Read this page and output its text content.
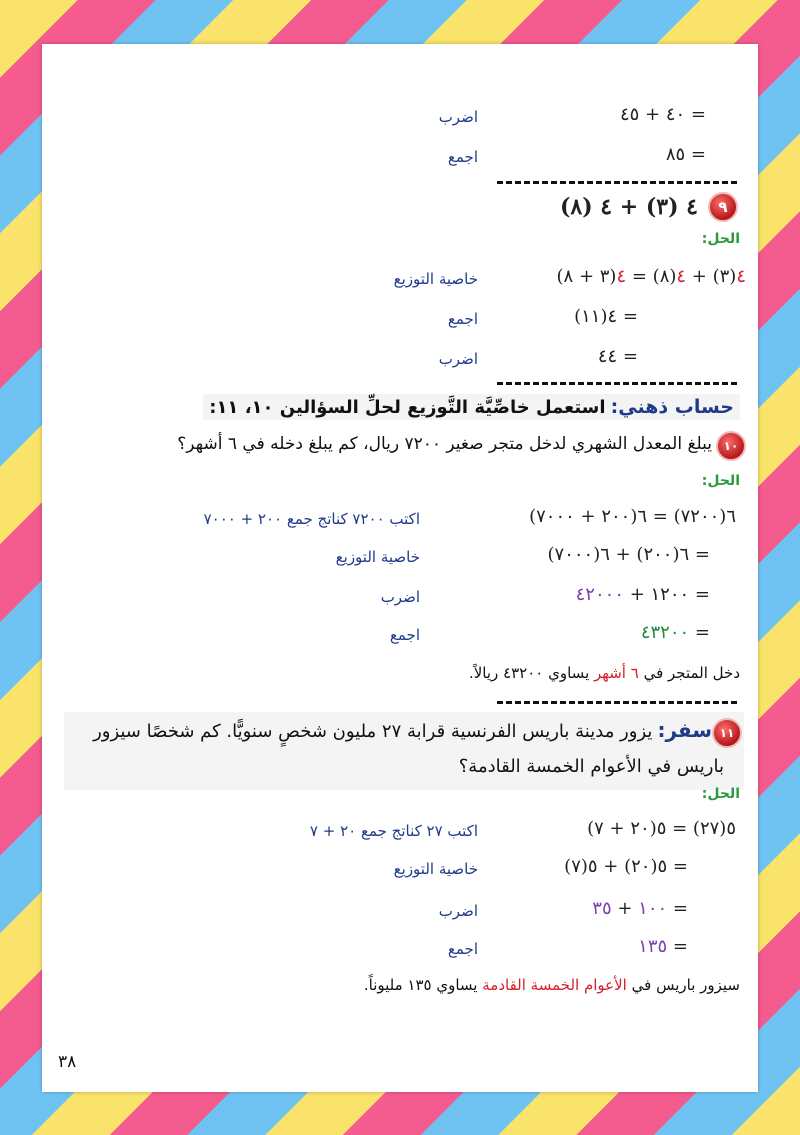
= ٤٠ + ٤٥
اضرب
= ٨٥
اجمع
٩
٤ (٣) + ٤ (٨)
الحل:
٤(٣) + ٤(٨) = ٤(٣ + ٨)
خاصية التوزيع
= ٤(١١)
اجمع
= ٤٤
اضرب
حساب ذهني: استعمل خاصِّيَّة التَّوزيع لحلِّ السؤالين ١٠، ١١:
١٠
يبلغ المعدل الشهري لدخل متجر صغير ٧٢٠٠ ريال، كم يبلغ دخله في ٦ أشهر؟
الحل:
٦(٧٢٠٠) = ٦(٢٠٠ + ٧٠٠٠)
اكتب ٧٢٠٠ كناتج جمع ٢٠٠ + ٧٠٠٠
= ٦(٢٠٠) + ٦(٧٠٠٠)
خاصية التوزيع
= ١٢٠٠ + ٤٢٠٠٠
اضرب
= ٤٣٢٠٠
اجمع
دخل المتجر في ٦ أشهر يساوي ٤٣٢٠٠ ريالاً.
١١
سفر: يزور مدينة باريس الفرنسية قرابة ٢٧ مليون شخصٍ سنويًّا. كم شخصًا سيزور
باريس في الأعوام الخمسة القادمة؟
الحل:
٥(٢٧) = ٥(٢٠ + ٧)
اكتب ٢٧ كناتج جمع ٢٠ + ٧
= ٥(٢٠) + ٥(٧)
خاصية التوزيع
= ١٠٠ + ٣٥
اضرب
= ١٣٥
اجمع
سيزور باريس في الأعوام الخمسة القادمة يساوي ١٣٥ مليوناً.
٣٨
